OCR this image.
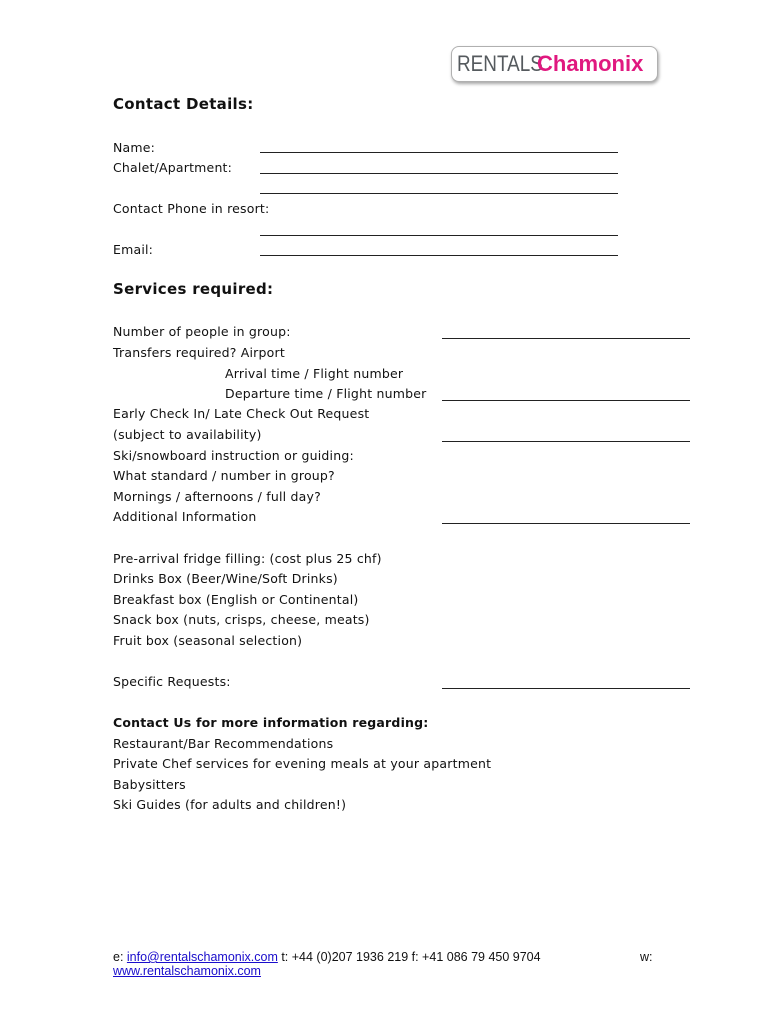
RENTALS
Chamonix
Contact Details:
Name:
Chalet/Apartment:
Contact Phone in resort:
Email:
Services required:
Number of people in group:
Transfers required? Airport
Arrival time / Flight number
Departure time / Flight number
Early Check In/ Late Check Out Request
(subject to availability)
Ski/snowboard instruction or guiding:
What standard / number in group?
Mornings / afternoons / full day?
Additional Information
Pre-arrival fridge filling: (cost plus 25 chf)
Drinks Box (Beer/Wine/Soft Drinks)
Breakfast box (English or Continental)
Snack box (nuts, crisps, cheese, meats)
Fruit box (seasonal selection)
Specific Requests:
Contact Us for more information regarding:
Restaurant/Bar Recommendations
Private Chef services for evening meals at your apartment
Babysitters
Ski Guides (for adults and children!)
e: info@rentalschamonix.com t: +44 (0)207 1936 219 f: +41 086 79 450 9704	w:
www.rentalschamonix.com
